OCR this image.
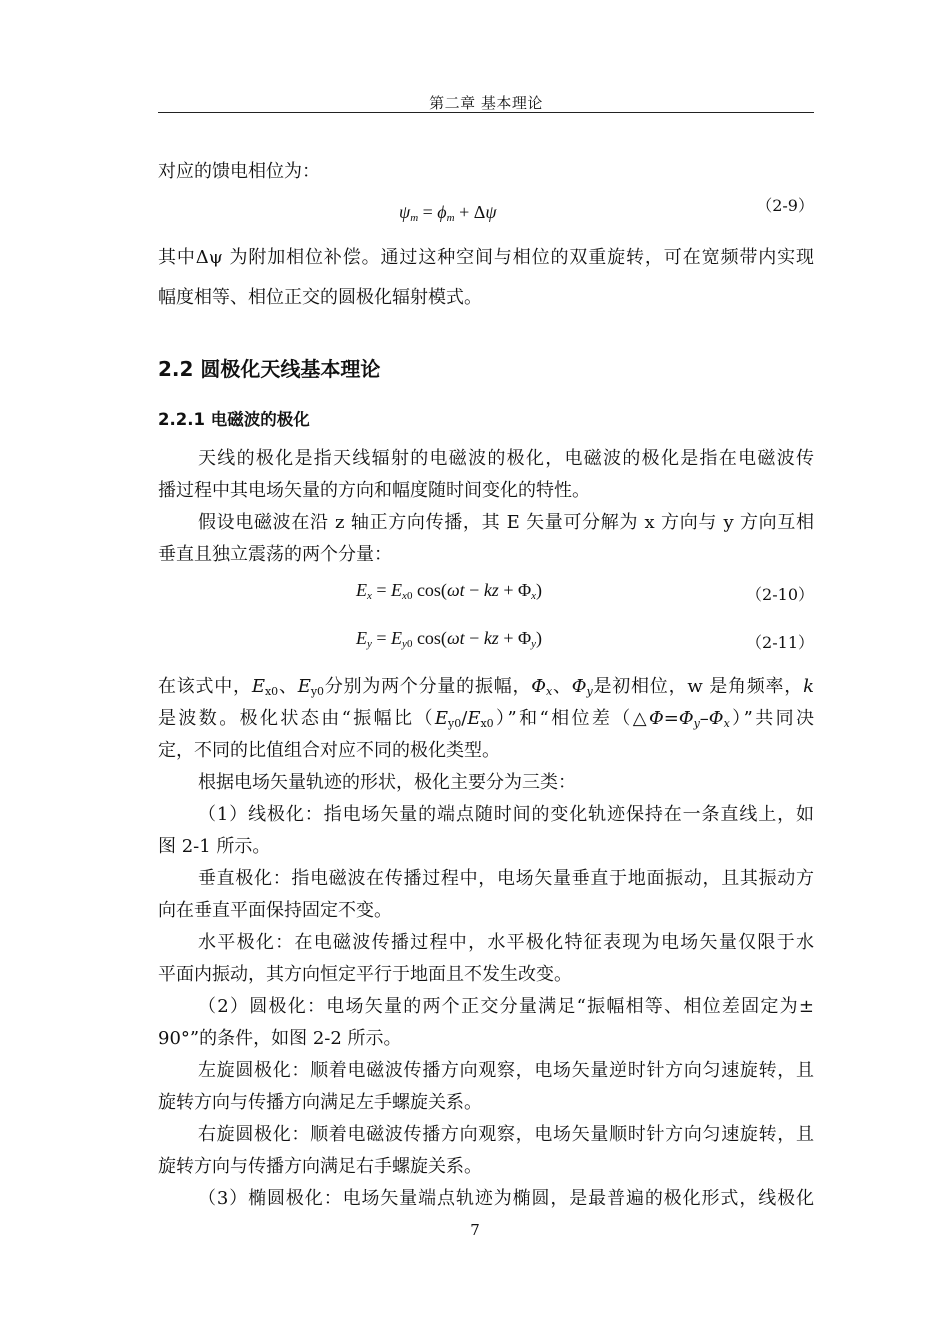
第二章 基本理论
对应的馈电相位为：
$\psi_m = \phi_m + \Delta\psi$	（2-9）
其中Δψ 为附加相位补偿。通过这种空间与相位的双重旋转，可在宽频带内实现
幅度相等、相位正交的圆极化辐射模式。
2.2 圆极化天线基本理论
2.2.1 电磁波的极化
天线的极化是指天线辐射的电磁波的极化，电磁波的极化是指在电磁波传
播过程中其电场矢量的方向和幅度随时间变化的特性。
假设电磁波在沿 z 轴正方向传播，其 E 矢量可分解为 x 方向与 y 方向互相
垂直且独立震荡的两个分量：
$E_x = E_{x0}$ cos(ωt − kz + $\Phi_x$)	（2-10）
$E_y = E_{y0}$ cos(ωt − kz + $\Phi_y$)	（2-11）
在该式中，$E_{x0}$、$E_{y0}$分别为两个分量的振幅，$\Phi_x$、$\Phi_y$是初相位，w 是角频率，k
是波数。极化状态由“振幅比$(E_{y0}/E_{x0})$”和“相位差$(\triangle\Phi=\Phi_y-\Phi_x)$”共同决
定，不同的比值组合对应不同的极化类型。
根据电场矢量轨迹的形状，极化主要分为三类：
（1）线极化：指电场矢量的端点随时间的变化轨迹保持在一条直线上，如
图 2-1 所示。
垂直极化：指电磁波在传播过程中，电场矢量垂直于地面振动，且其振动方
向在垂直平面保持固定不变。
水平极化：在电磁波传播过程中，水平极化特征表现为电场矢量仅限于水
平面内振动，其方向恒定平行于地面且不发生改变。
（2）圆极化：电场矢量的两个正交分量满足“振幅相等、相位差固定为±
90°”的条件，如图 2-2 所示。
左旋圆极化：顺着电磁波传播方向观察，电场矢量逆时针方向匀速旋转，且
旋转方向与传播方向满足左手螺旋关系。
右旋圆极化：顺着电磁波传播方向观察，电场矢量顺时针方向匀速旋转，且
旋转方向与传播方向满足右手螺旋关系。
（3）椭圆极化：电场矢量端点轨迹为椭圆，是最普遍的极化形式，线极化
7
